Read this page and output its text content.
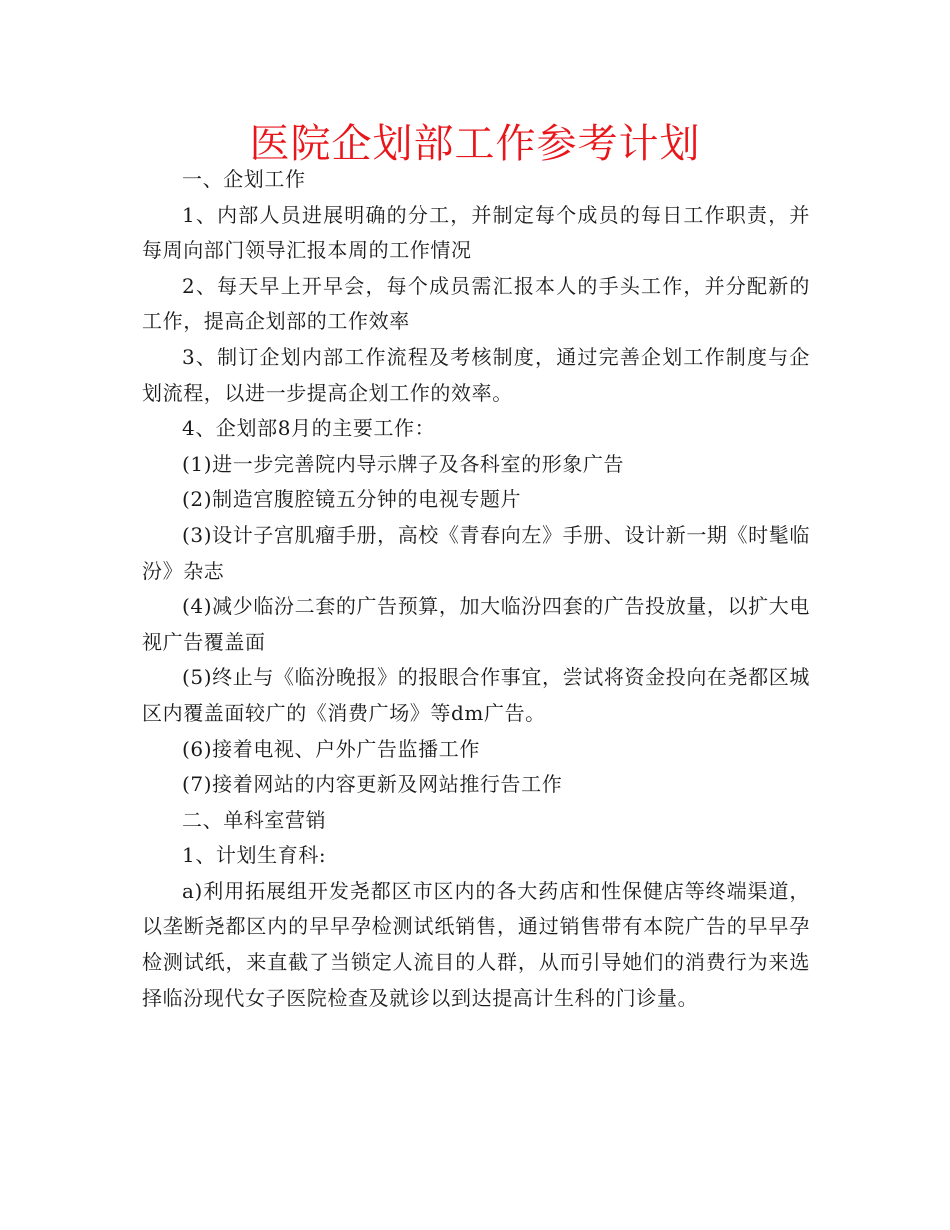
医院企划部工作参考计划

一、企划工作

1、内部人员进展明确的分工，并制定每个成员的每日工作职责，并每周向部门领导汇报本周的工作情况

2、每天早上开早会，每个成员需汇报本人的手头工作，并分配新的工作，提高企划部的工作效率

3、制订企划内部工作流程及考核制度，通过完善企划工作制度与企划流程，以进一步提高企划工作的效率。

4、企划部8月的主要工作：

(1)进一步完善院内导示牌子及各科室的形象广告

(2)制造宫腹腔镜五分钟的电视专题片

(3)设计子宫肌瘤手册，高校《青春向左》手册、设计新一期《时髦临汾》杂志

(4)减少临汾二套的广告预算，加大临汾四套的广告投放量，以扩大电视广告覆盖面

(5)终止与《临汾晚报》的报眼合作事宜，尝试将资金投向在尧都区城区内覆盖面较广的《消费广场》等dm广告。

(6)接着电视、户外广告监播工作

(7)接着网站的内容更新及网站推行告工作

二、单科室营销

1、计划生育科:

a)利用拓展组开发尧都区市区内的各大药店和性保健店等终端渠道，以垄断尧都区内的早早孕检测试纸销售，通过销售带有本院广告的早早孕检测试纸，来直截了当锁定人流目的人群，从而引导她们的消费行为来选择临汾现代女子医院检查及就诊以到达提高计生科的门诊量。
